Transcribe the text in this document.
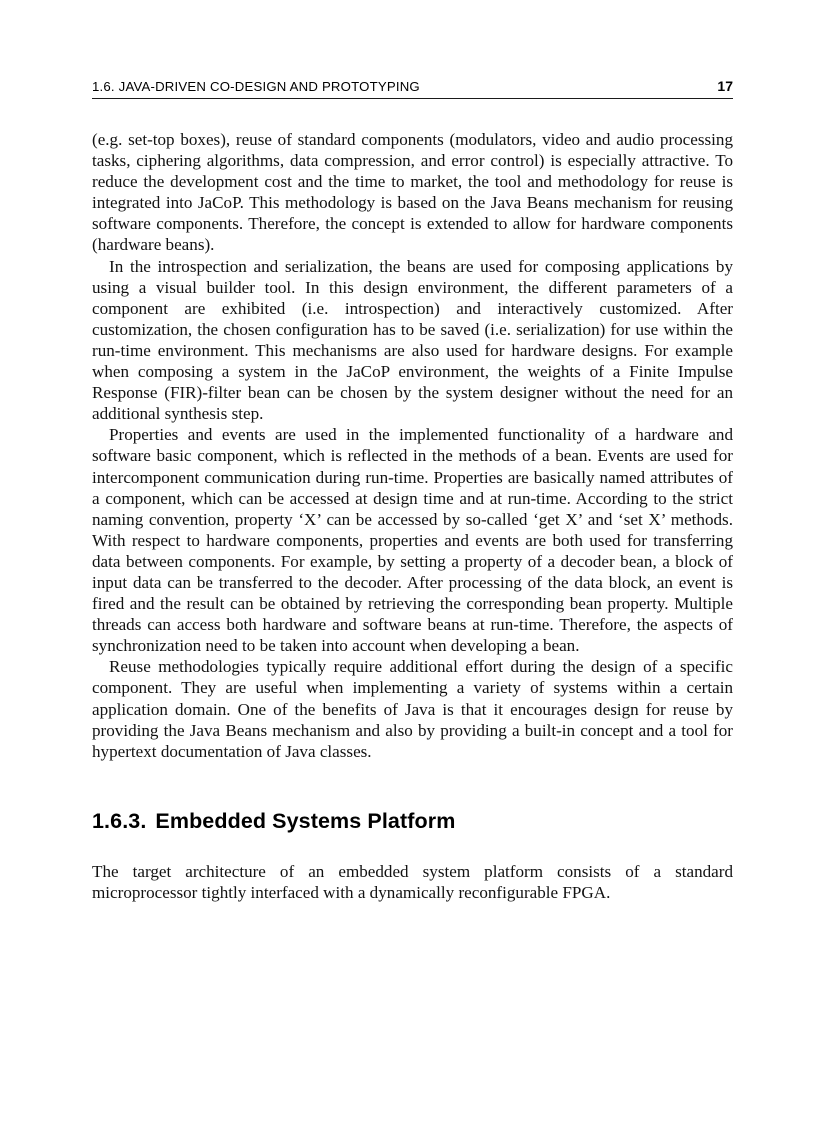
1.6. JAVA-DRIVEN CO-DESIGN AND PROTOTYPING	17

(e.g. set-top boxes), reuse of standard components (modulators, video and audio processing tasks, ciphering algorithms, data compression, and error control) is especially attractive. To reduce the development cost and the time to market, the tool and methodology for reuse is integrated into JaCoP. This methodology is based on the Java Beans mechanism for reusing software components. Therefore, the concept is extended to allow for hardware components (hardware beans).

In the introspection and serialization, the beans are used for composing applications by using a visual builder tool. In this design environment, the different parameters of a component are exhibited (i.e. introspection) and interactively customized. After customization, the chosen configuration has to be saved (i.e. serialization) for use within the run-time environment. This mechanisms are also used for hardware designs. For example when composing a system in the JaCoP environment, the weights of a Finite Impulse Response (FIR)-filter bean can be chosen by the system designer without the need for an additional synthesis step.

Properties and events are used in the implemented functionality of a hardware and software basic component, which is reflected in the methods of a bean. Events are used for intercomponent communication during run-time. Properties are basically named attributes of a component, which can be accessed at design time and at run-time. According to the strict naming convention, property ‘X’ can be accessed by so-called ‘get X’ and ‘set X’ methods. With respect to hardware components, properties and events are both used for transferring data between components. For example, by setting a property of a decoder bean, a block of input data can be transferred to the decoder. After processing of the data block, an event is fired and the result can be obtained by retrieving the corresponding bean property. Multiple threads can access both hardware and software beans at run-time. Therefore, the aspects of synchronization need to be taken into account when developing a bean.

Reuse methodologies typically require additional effort during the design of a specific component. They are useful when implementing a variety of systems within a certain application domain. One of the benefits of Java is that it encourages design for reuse by providing the Java Beans mechanism and also by providing a built-in concept and a tool for hypertext documentation of Java classes.

1.6.3. Embedded Systems Platform

The target architecture of an embedded system platform consists of a standard microprocessor tightly interfaced with a dynamically reconfigurable FPGA.
